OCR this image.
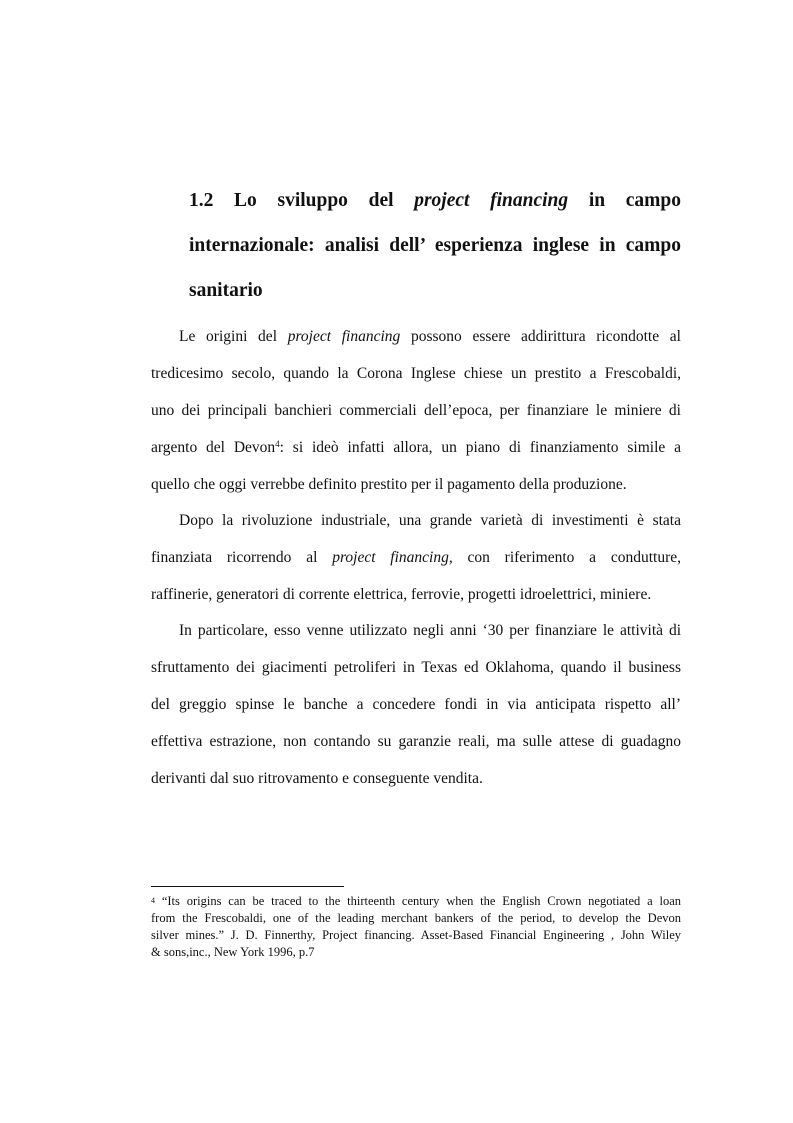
1.2 Lo sviluppo del project financing in campo
internazionale: analisi dell’ esperienza inglese in campo
sanitario
Le origini del project financing possono essere addirittura ricondotte al
tredicesimo secolo, quando la Corona Inglese chiese un prestito a Frescobaldi,
uno dei principali banchieri commerciali dell’epoca, per finanziare le miniere di
argento del Devon$^4$: si ideò infatti allora, un piano di finanziamento simile a
quello che oggi verrebbe definito prestito per il pagamento della produzione.
Dopo la rivoluzione industriale, una grande varietà di investimenti è stata
finanziata ricorrendo al project financing, con riferimento a condutture,
raffinerie, generatori di corrente elettrica, ferrovie, progetti idroelettrici, miniere.
In particolare, esso venne utilizzato negli anni ‘30 per finanziare le attività di
sfruttamento dei giacimenti petroliferi in Texas ed Oklahoma, quando il business
del greggio spinse le banche a concedere fondi in via anticipata rispetto all’
effettiva estrazione, non contando su garanzie reali, ma sulle attese di guadagno
derivanti dal suo ritrovamento e conseguente vendita.
$^4$ “Its origins can be traced to the thirteenth century when the English Crown negotiated a loan
from the Frescobaldi, one of the leading merchant bankers of the period, to develop the Devon
silver mines.” J. D. Finnerthy, Project financing. Asset-Based Financial Engineering , John Wiley
& sons,inc., New York 1996, p.7
